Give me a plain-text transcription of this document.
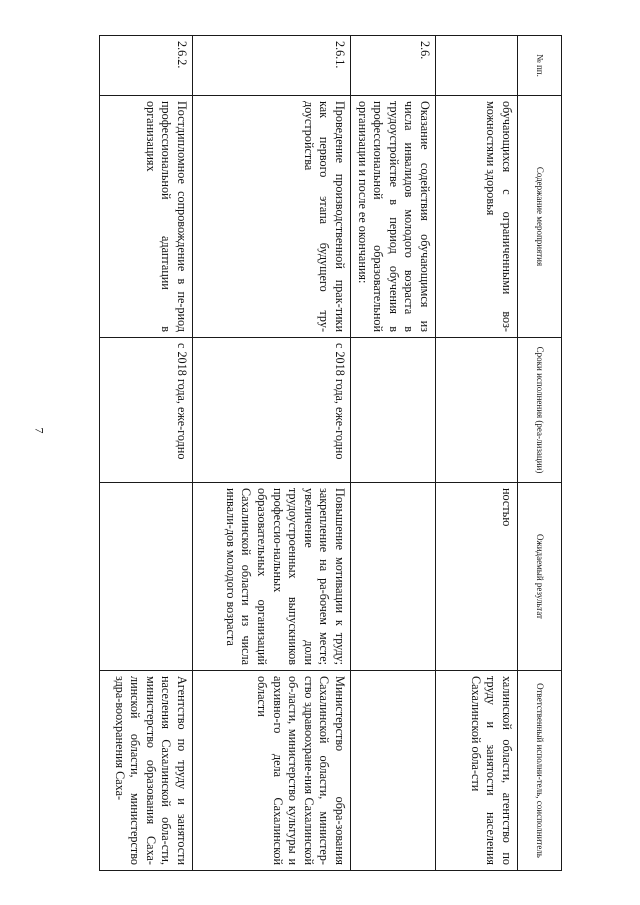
7
№ пп.	Содержание мероприятия	Сроки исполнения (реа-лизации)	Ожидаемый результат	Ответственный исполни-тель, соисполнитель
	обучающихся с ограниченными воз-можностями здоровья		ностью	халинской области, агентство по труду и занятости населения Сахалинской обла-сти
2.6.	Оказание содействия обучающимся из числа инвалидов молодого возраста в трудоустройстве в период обучения в профессиональной образовательной организации и после ее окончания:			
2.6.1.	Проведение производственной прак-тики как первого этапа будущего тру-доустройства	с 2018 года, еже-годно	Повышение мотивации к труду; закрепление на ра-бочем месте; увеличение доли трудоустроенных выпускников профессио-нальных образовательных организаций Сахалинской области из числа инвали-дов молодого возраста	Министерство обра-зования Сахалинской области, министер-ство здравоохране-ния Сахалинской об-ласти, министерство культуры и архивно-го дела Сахалинской области
2.6.2.	Постдипломное сопровождение в пе-риод профессиональной адаптации в организациях	с 2018 года, еже-годно		Агентство по труду и занятости населения Сахалинской обла-сти, министерство образования Саха-линской области, министерство здра-воохранения Саха-
